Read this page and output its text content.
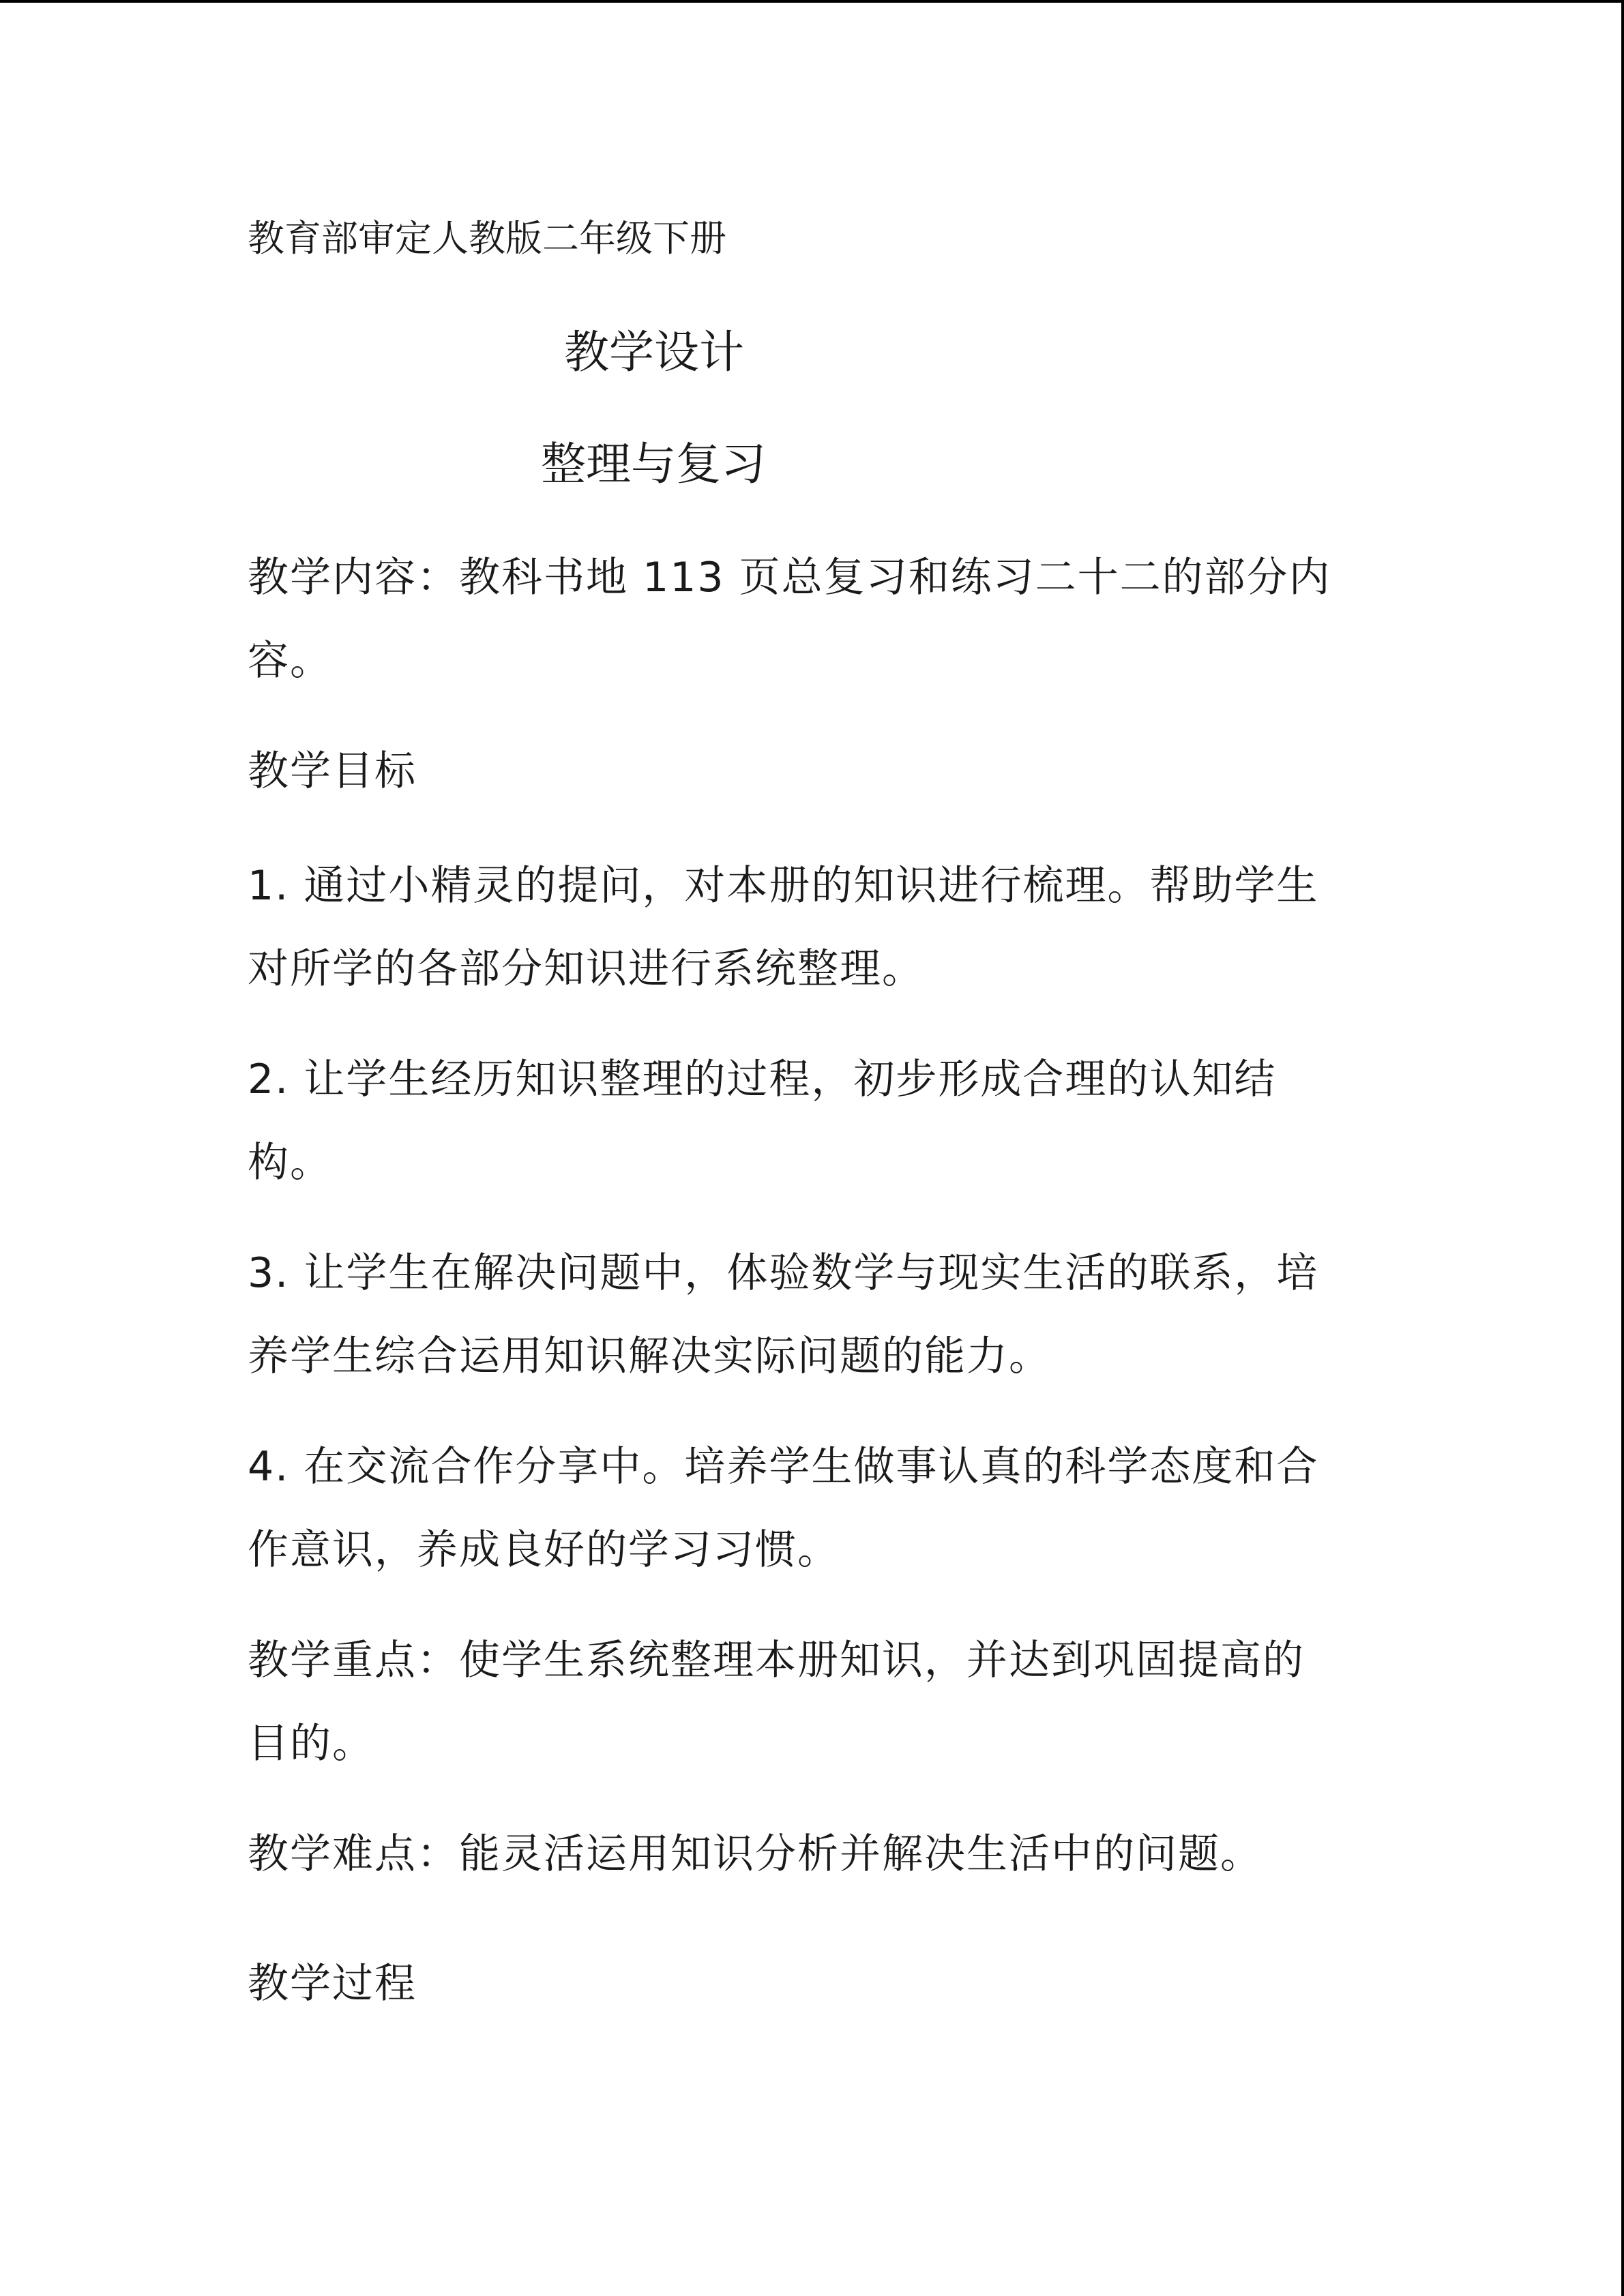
教育部审定人教版二年级下册
教学设计
整理与复习
教学内容：教科书地 113 页总复习和练习二十二的部分内容。
教学目标
1. 通过小精灵的提问，对本册的知识进行梳理。帮助学生对所学的各部分知识进行系统整理。
2. 让学生经历知识整理的过程，初步形成合理的认知结构。
3. 让学生在解决问题中，体验数学与现实生活的联系，培养学生综合运用知识解决实际问题的能力。
4. 在交流合作分享中。培养学生做事认真的科学态度和合作意识，养成良好的学习习惯。
教学重点：使学生系统整理本册知识，并达到巩固提高的目的。
教学难点：能灵活运用知识分析并解决生活中的问题。
教学过程
